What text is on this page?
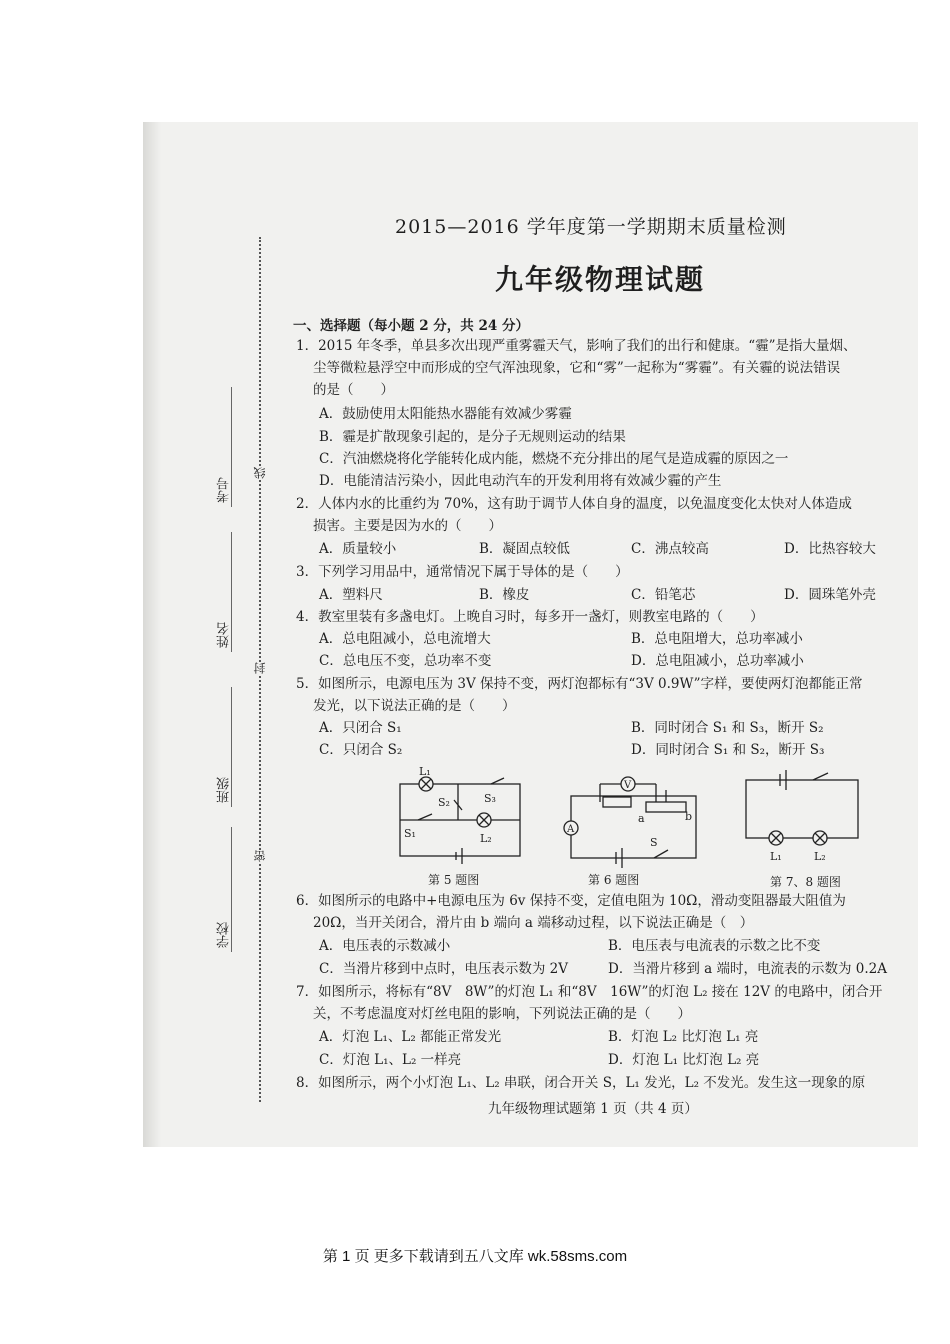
线
封
密
考号
姓名
班级
学校
2015—2016 学年度第一学期期末质量检测
九年级物理试题
一、选择题（每小题 2 分，共 24 分）
1．2015 年冬季，单县多次出现严重雾霾天气，影响了我们的出行和健康。“霾”是指大量烟、
尘等微粒悬浮空中而形成的空气浑浊现象，它和“雾”一起称为“雾霾”。有关霾的说法错误
的是（　　）
A．鼓励使用太阳能热水器能有效减少雾霾
B．霾是扩散现象引起的，是分子无规则运动的结果
C．汽油燃烧将化学能转化成内能，燃烧不充分排出的尾气是造成霾的原因之一
D．电能清洁污染小，因此电动汽车的开发利用将有效减少霾的产生
2．人体内水的比重约为 70%，这有助于调节人体自身的温度，以免温度变化太快对人体造成
损害。主要是因为水的（　　）
A．质量较小	B．凝固点较低	C．沸点较高	D．比热容较大
3．下列学习用品中，通常情况下属于导体的是（　　）
A．塑料尺	B．橡皮	C．铅笔芯	D．圆珠笔外壳
4．教室里装有多盏电灯。上晚自习时，每多开一盏灯，则教室电路的（　　）
A．总电阻减小，总电流增大	B．总电阻增大，总功率减小
C．总电压不变，总功率不变	D．总电阻减小，总功率减小
5．如图所示，电源电压为 3V 保持不变，两灯泡都标有“3V 0.9W”字样，要使两灯泡都能正常
发光，以下说法正确的是（　　）
A．只闭合 S₁	B．同时闭合 S₁ 和 S₃，断开 S₂
C．只闭合 S₂	D．同时闭合 S₁ 和 S₂，断开 S₃
L₁
S₂	S₃
S₁	L₂
第 5 题图
V
A
a	b
S
第 6 题图
L₁	L₂
第 7、8 题图
6．如图所示的电路中+电源电压为 6v 保持不变，定值电阻为 10Ω，滑动变阻器最大阻值为
20Ω，当开关闭合，滑片由 b 端向 a 端移动过程，以下说法正确是（　）
A．电压表的示数减小	B．电压表与电流表的示数之比不变
C．当滑片移到中点时，电压表示数为 2V	D．当滑片移到 a 端时，电流表的示数为 0.2A
7．如图所示，将标有“8V　8W”的灯泡 L₁ 和“8V　16W”的灯泡 L₂ 接在 12V 的电路中，闭合开
关，不考虑温度对灯丝电阻的影响，下列说法正确的是（　　）
A．灯泡 L₁、L₂ 都能正常发光	B．灯泡 L₂ 比灯泡 L₁ 亮
C．灯泡 L₁、L₂ 一样亮	D．灯泡 L₁ 比灯泡 L₂ 亮
8．如图所示，两个小灯泡 L₁、L₂ 串联，闭合开关 S，L₁ 发光，L₂ 不发光。发生这一现象的原
九年级物理试题第 1 页（共 4 页）
第 1 页 更多下载请到五八文库 wk.58sms.com
